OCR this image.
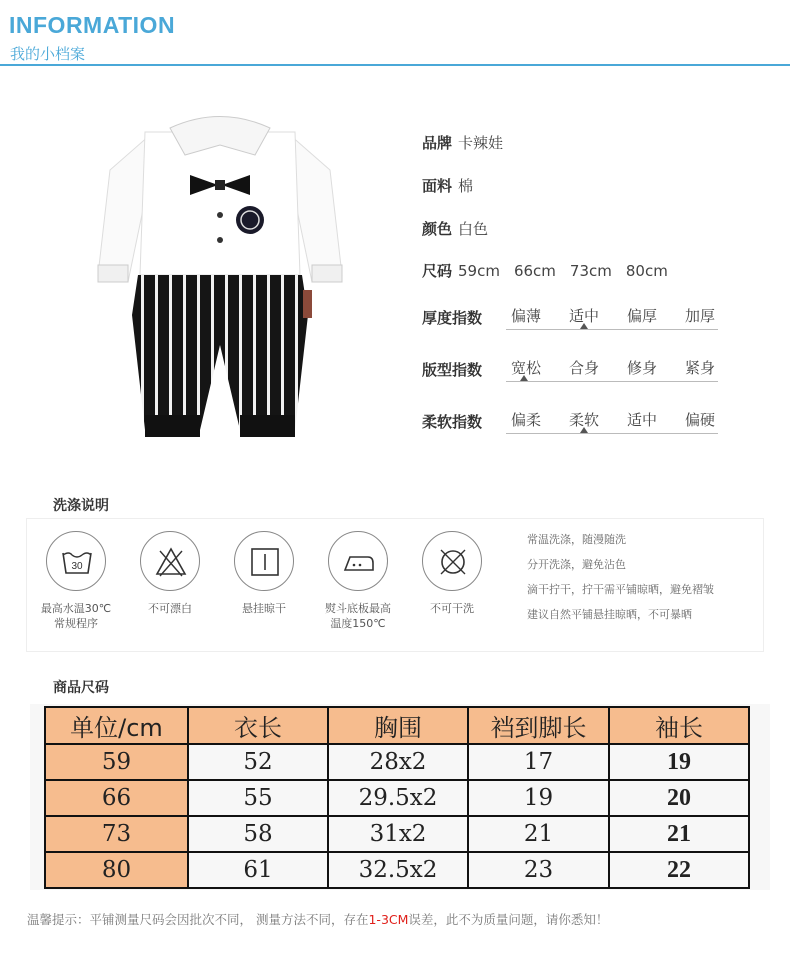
INFORMATION
我的小档案
品牌 卡辣娃
面料 棉
颜色 白色
尺码 59cm 66cm 73cm 80cm
厚度指数	偏薄	适中	偏厚	加厚
版型指数	宽松	合身	修身	紧身
柔软指数	偏柔	柔软	适中	偏硬
洗涤说明
30
最高水温30℃
常规程序
不可漂白	悬挂晾干	熨斗底板最高
温度150℃
不可干洗
常温洗涤，随漫随洗
分开洗涤，避免沾色
滴干拧干，拧干需平铺晾晒，避免褶皱
建议自然平铺悬挂晾晒，不可暴晒
商品尺码
单位/cm	衣长	胸围	裆到脚长	袖长
59	52	28x2	17	19
66	55	29.5x2	19	20
73	58	31x2	21	21
80	61	32.5x2	23	22
温馨提示：平铺测量尺码会因批次不同， 测量方法不同，存在1-3CM误差，此不为质量问题，请你悉知！
